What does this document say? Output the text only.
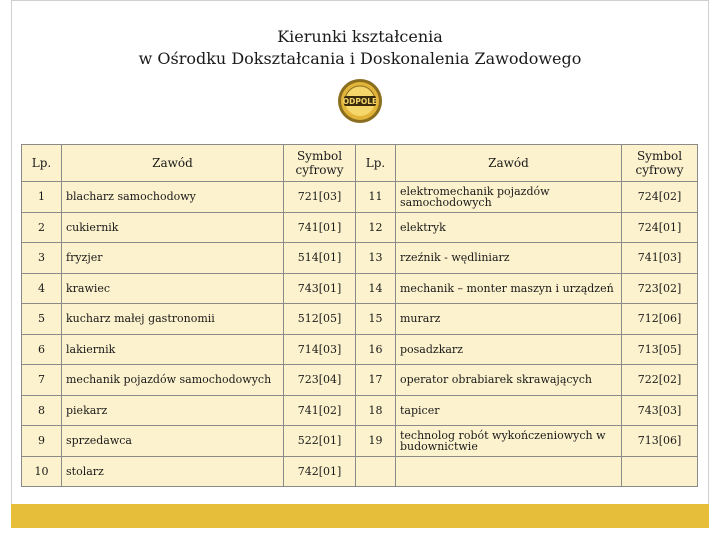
Kierunki kształcenia
w Ośrodku Dokształcania i Doskonalenia Zawodowego
ODPOLE
Lp.	Zawód	Symbol cyfrowy	Lp.	Zawód	Symbol cyfrowy
1	blacharz samochodowy	721[03]	11	elektromechanik pojazdów samochodowych	724[02]
2	cukiernik	741[01]	12	elektryk	724[01]
3	fryzjer	514[01]	13	rzeźnik - wędliniarz	741[03]
4	krawiec	743[01]	14	mechanik – monter maszyn i urządzeń	723[02]
5	kucharz małej gastronomii	512[05]	15	murarz	712[06]
6	lakiernik	714[03]	16	posadzkarz	713[05]
7	mechanik pojazdów samochodowych	723[04]	17	operator obrabiarek skrawających	722[02]
8	piekarz	741[02]	18	tapicer	743[03]
9	sprzedawca	522[01]	19	technolog robót wykończeniowych w budownictwie	713[06]
10	stolarz	742[01]			
